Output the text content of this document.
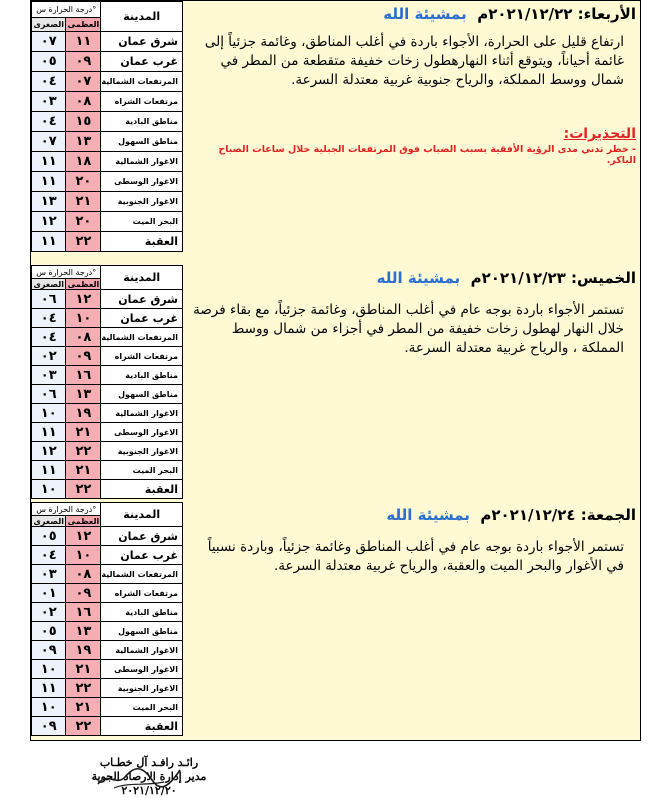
درجة الحرارة س°		المدينة
الصغرى	العظمى	
٠٧	١١	شرق عمان
٠٥	٠٩	غرب عمان
٠٤	٠٧	المرتفعات الشمالية
٠٣	٠٨	مرتفعات الشراه
٠٤	١٥	مناطق البادية
٠٧	١٣	مناطق السهول
١١	١٨	الاغوار الشمالية
١١	٢٠	الاغوار الوسطى
١٣	٢١	الاغوار الجنوبية
١٢	٢٠	البحر الميت
١١	٢٢	العقبة
الأربعاء: ٢٠٢١/١٢/٢٢م  بمشيئة الله
ارتفاع قليل على الحرارة، الأجواء باردة في أغلب المناطق، وغائمة جزئياً إلى غائمة أحياناً، ويتوقع أثناء النهارهطول زخات خفيفة متقطعة من المطر في شمال ووسط المملكة، والرياح جنوبية غربية معتدلة السرعة.
التحذيرات:
- خطر تدني مدى الرؤية الأفقية بسبب الضباب فوق المرتفعات الجبلية خلال ساعات الصباح الباكر.
درجة الحرارة س°		المدينة
الصغرى	العظمى	
٠٦	١٢	شرق عمان
٠٤	١٠	غرب عمان
٠٤	٠٨	المرتفعات الشمالية
٠٢	٠٩	مرتفعات الشراه
٠٣	١٦	مناطق البادية
٠٦	١٣	مناطق السهول
١٠	١٩	الاغوار الشمالية
١١	٢١	الاغوار الوسطى
١٢	٢٢	الاغوار الجنوبية
١١	٢١	البحر الميت
١٠	٢٢	العقبة
الخميس: ٢٠٢١/١٢/٢٣م  بمشيئة الله
تستمر الأجواء باردة بوجه عام في أغلب المناطق، وغائمة جزئياً، مع بقاء فرصة خلال النهار لهطول زخات خفيفة من المطر في أجزاء من شمال ووسط المملكة ، والرياح غربية معتدلة السرعة.
درجة الحرارة س°		المدينة
الصغرى	العظمى	
٠٥	١٢	شرق عمان
٠٤	١٠	غرب عمان
٠٣	٠٨	المرتفعات الشمالية
٠١	٠٩	مرتفعات الشراه
٠٢	١٦	مناطق البادية
٠٥	١٣	مناطق السهول
٠٩	١٩	الاغوار الشمالية
١٠	٢١	الاغوار الوسطى
١١	٢٢	الاغوار الجنوبية
١٠	٢١	البحر الميت
٠٩	٢٢	العقبة
الجمعة: ٢٠٢١/١٢/٢٤م  بمشيئة الله
تستمر الأجواء باردة بوجه عام في أغلب المناطق وغائمة جزئياً، وباردة نسبياً في الأغوار والبحر الميت والعقبة، والرياح غربية معتدلة السرعة.
رائـد رافـد آل خطـاب
مدير إدارة الارصاد الجوية
٢٠٢١/١٢/٢٠
